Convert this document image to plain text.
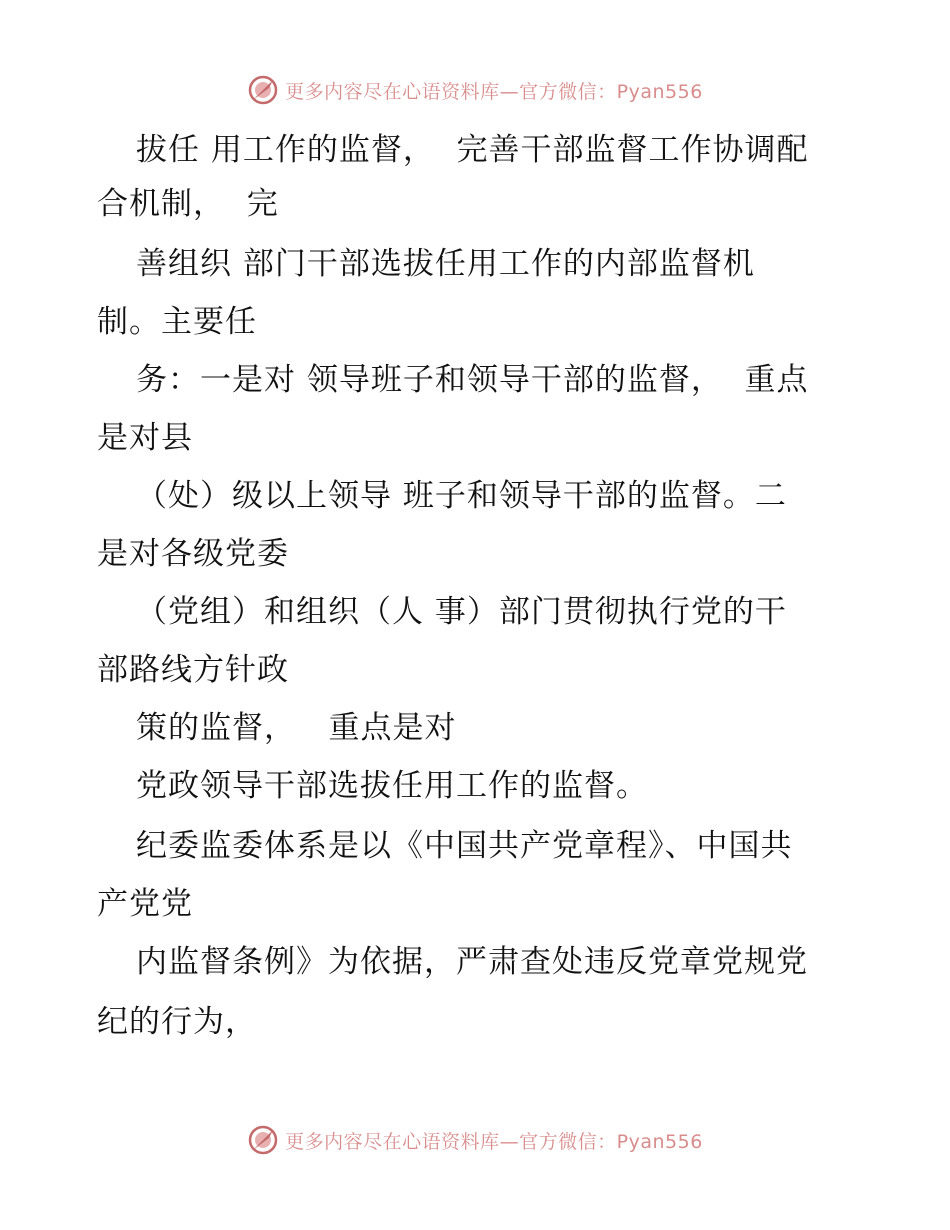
更多内容尽在心语资料库—官方微信：Pyan556
拔任 用工作的监督，  完善干部监督工作协调配
合机制，  完
善组织 部门干部选拔任用工作的内部监督机
制。主要任
务：一是对 领导班子和领导干部的监督，  重点
是对县
（处）级以上领导 班子和领导干部的监督。二
是对各级党委
（党组）和组织（人 事）部门贯彻执行党的干
部路线方针政
策的监督，   重点是对
党政领导干部选拔任用工作的监督。
纪委监委体系是以《中国共产党章程》、中国共
产党党
内监督条例》为依据，严肃查处违反党章党规党
纪的行为，
更多内容尽在心语资料库—官方微信：Pyan556
